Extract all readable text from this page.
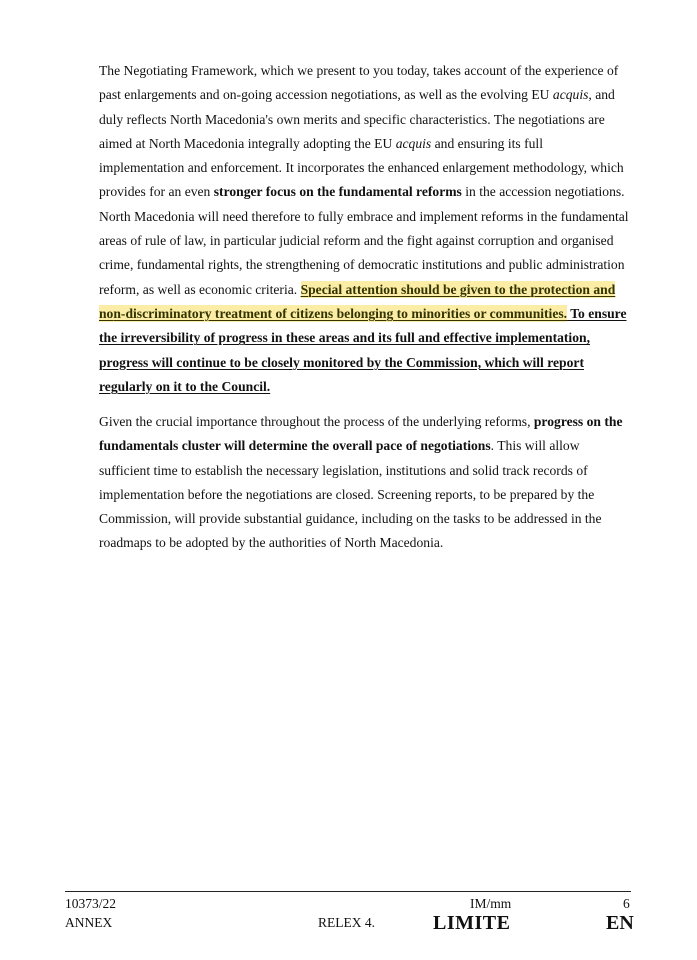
The Negotiating Framework, which we present to you today, takes account of the experience of past enlargements and on-going accession negotiations, as well as the evolving EU acquis, and duly reflects North Macedonia's own merits and specific characteristics. The negotiations are aimed at North Macedonia integrally adopting the EU acquis and ensuring its full implementation and enforcement. It incorporates the enhanced enlargement methodology, which provides for an even stronger focus on the fundamental reforms in the accession negotiations. North Macedonia will need therefore to fully embrace and implement reforms in the fundamental areas of rule of law, in particular judicial reform and the fight against corruption and organised crime, fundamental rights, the strengthening of democratic institutions and public administration reform, as well as economic criteria. Special attention should be given to the protection and non-discriminatory treatment of citizens belonging to minorities or communities. To ensure the irreversibility of progress in these areas and its full and effective implementation, progress will continue to be closely monitored by the Commission, which will report regularly on it to the Council.

Given the crucial importance throughout the process of the underlying reforms, progress on the fundamentals cluster will determine the overall pace of negotiations. This will allow sufficient time to establish the necessary legislation, institutions and solid track records of implementation before the negotiations are closed. Screening reports, to be prepared by the Commission, will provide substantial guidance, including on the tasks to be addressed in the roadmaps to be adopted by the authorities of North Macedonia.

10373/22
ANNEX	RELEX 4.
IM/mm
LIMITE
6
EN
